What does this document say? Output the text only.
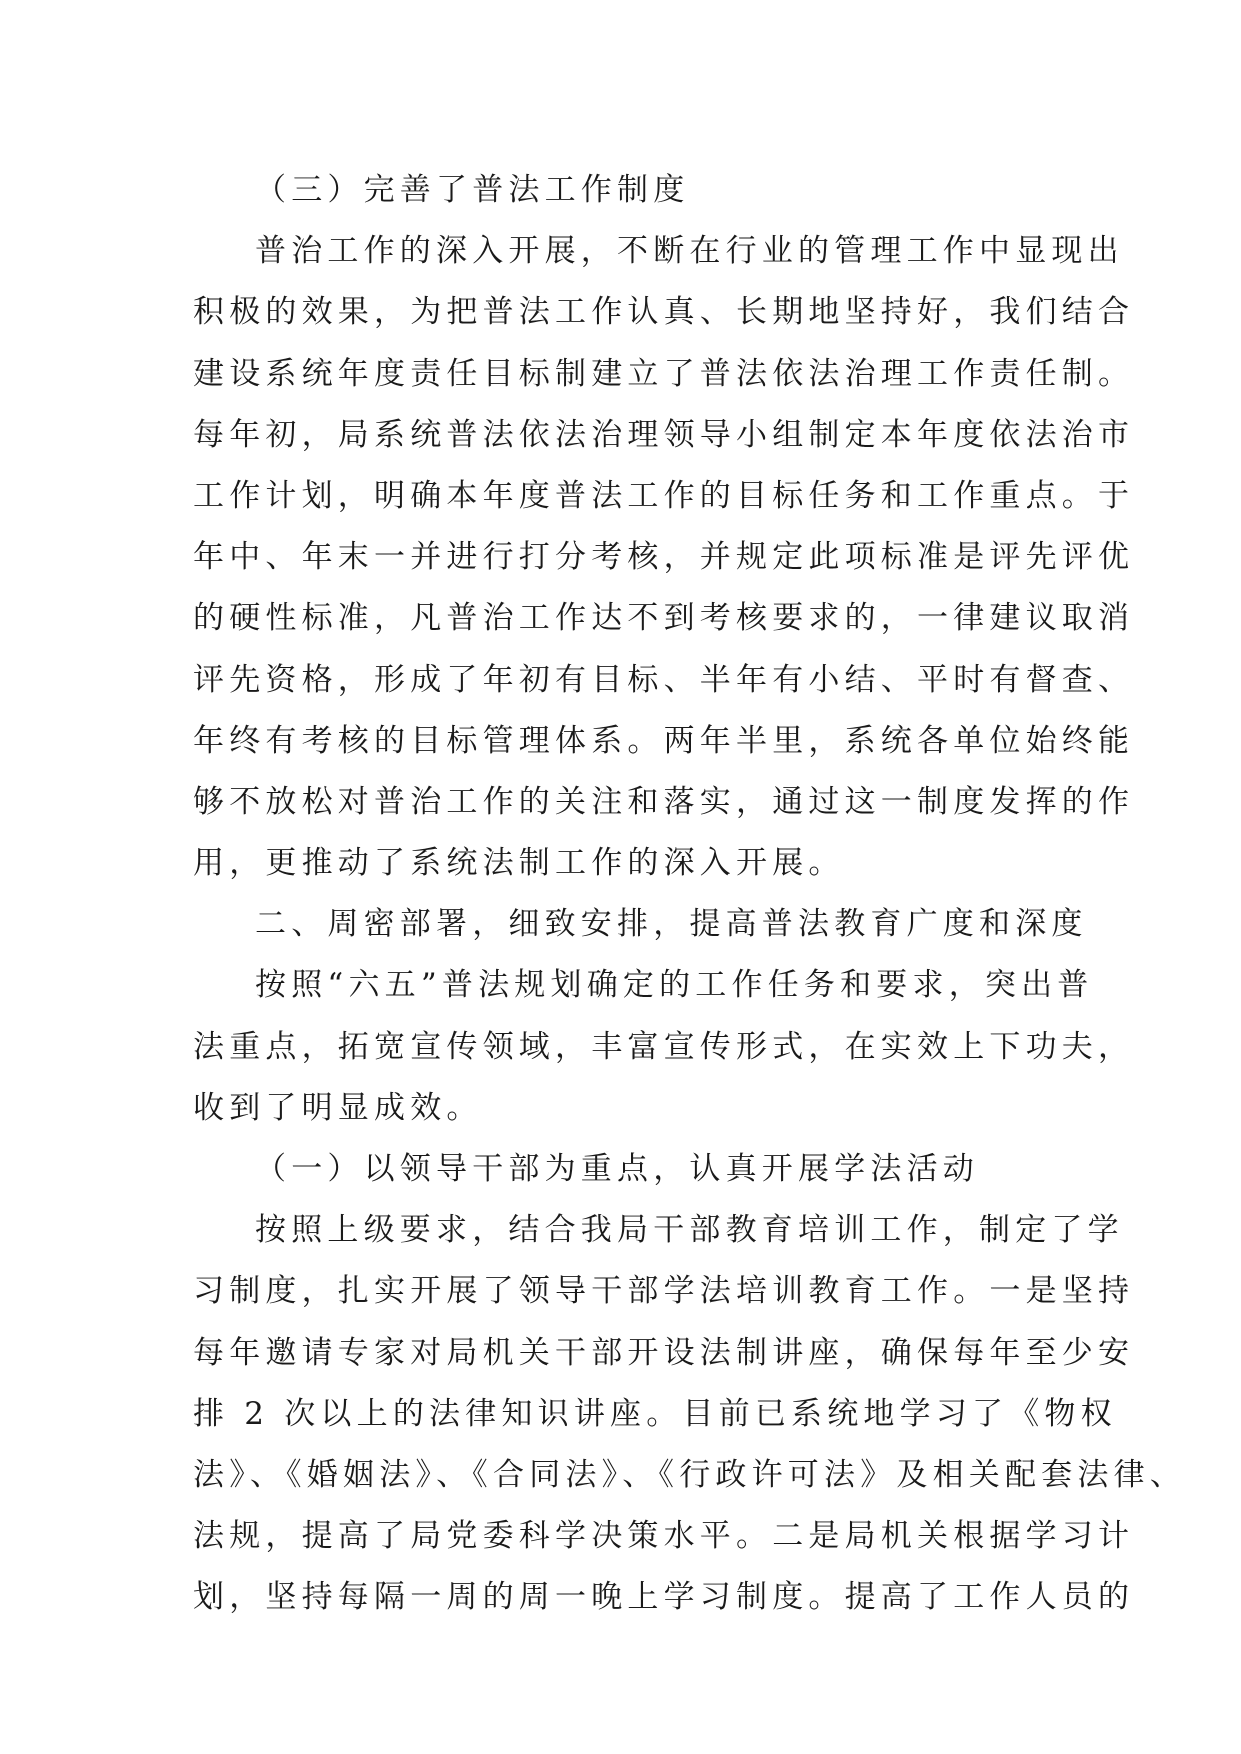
（三）完善了普法工作制度
普治工作的深入开展，不断在行业的管理工作中显现出
积极的效果，为把普法工作认真、长期地坚持好，我们结合
建设系统年度责任目标制建立了普法依法治理工作责任制。
每年初，局系统普法依法治理领导小组制定本年度依法治市
工作计划，明确本年度普法工作的目标任务和工作重点。于
年中、年末一并进行打分考核，并规定此项标准是评先评优
的硬性标准，凡普治工作达不到考核要求的，一律建议取消
评先资格，形成了年初有目标、半年有小结、平时有督查、
年终有考核的目标管理体系。两年半里，系统各单位始终能
够不放松对普治工作的关注和落实，通过这一制度发挥的作
用，更推动了系统法制工作的深入开展。
二、周密部署，细致安排，提高普法教育广度和深度
按照“六五”普法规划确定的工作任务和要求，突出普
法重点，拓宽宣传领域，丰富宣传形式，在实效上下功夫，
收到了明显成效。
（一）以领导干部为重点，认真开展学法活动
按照上级要求，结合我局干部教育培训工作，制定了学
习制度，扎实开展了领导干部学法培训教育工作。一是坚持
每年邀请专家对局机关干部开设法制讲座，确保每年至少安
排 2 次以上的法律知识讲座。目前已系统地学习了《物权
法》、《婚姻法》、《合同法》、《行政许可法》及相关配套法律、
法规，提高了局党委科学决策水平。二是局机关根据学习计
划，坚持每隔一周的周一晚上学习制度。提高了工作人员的
